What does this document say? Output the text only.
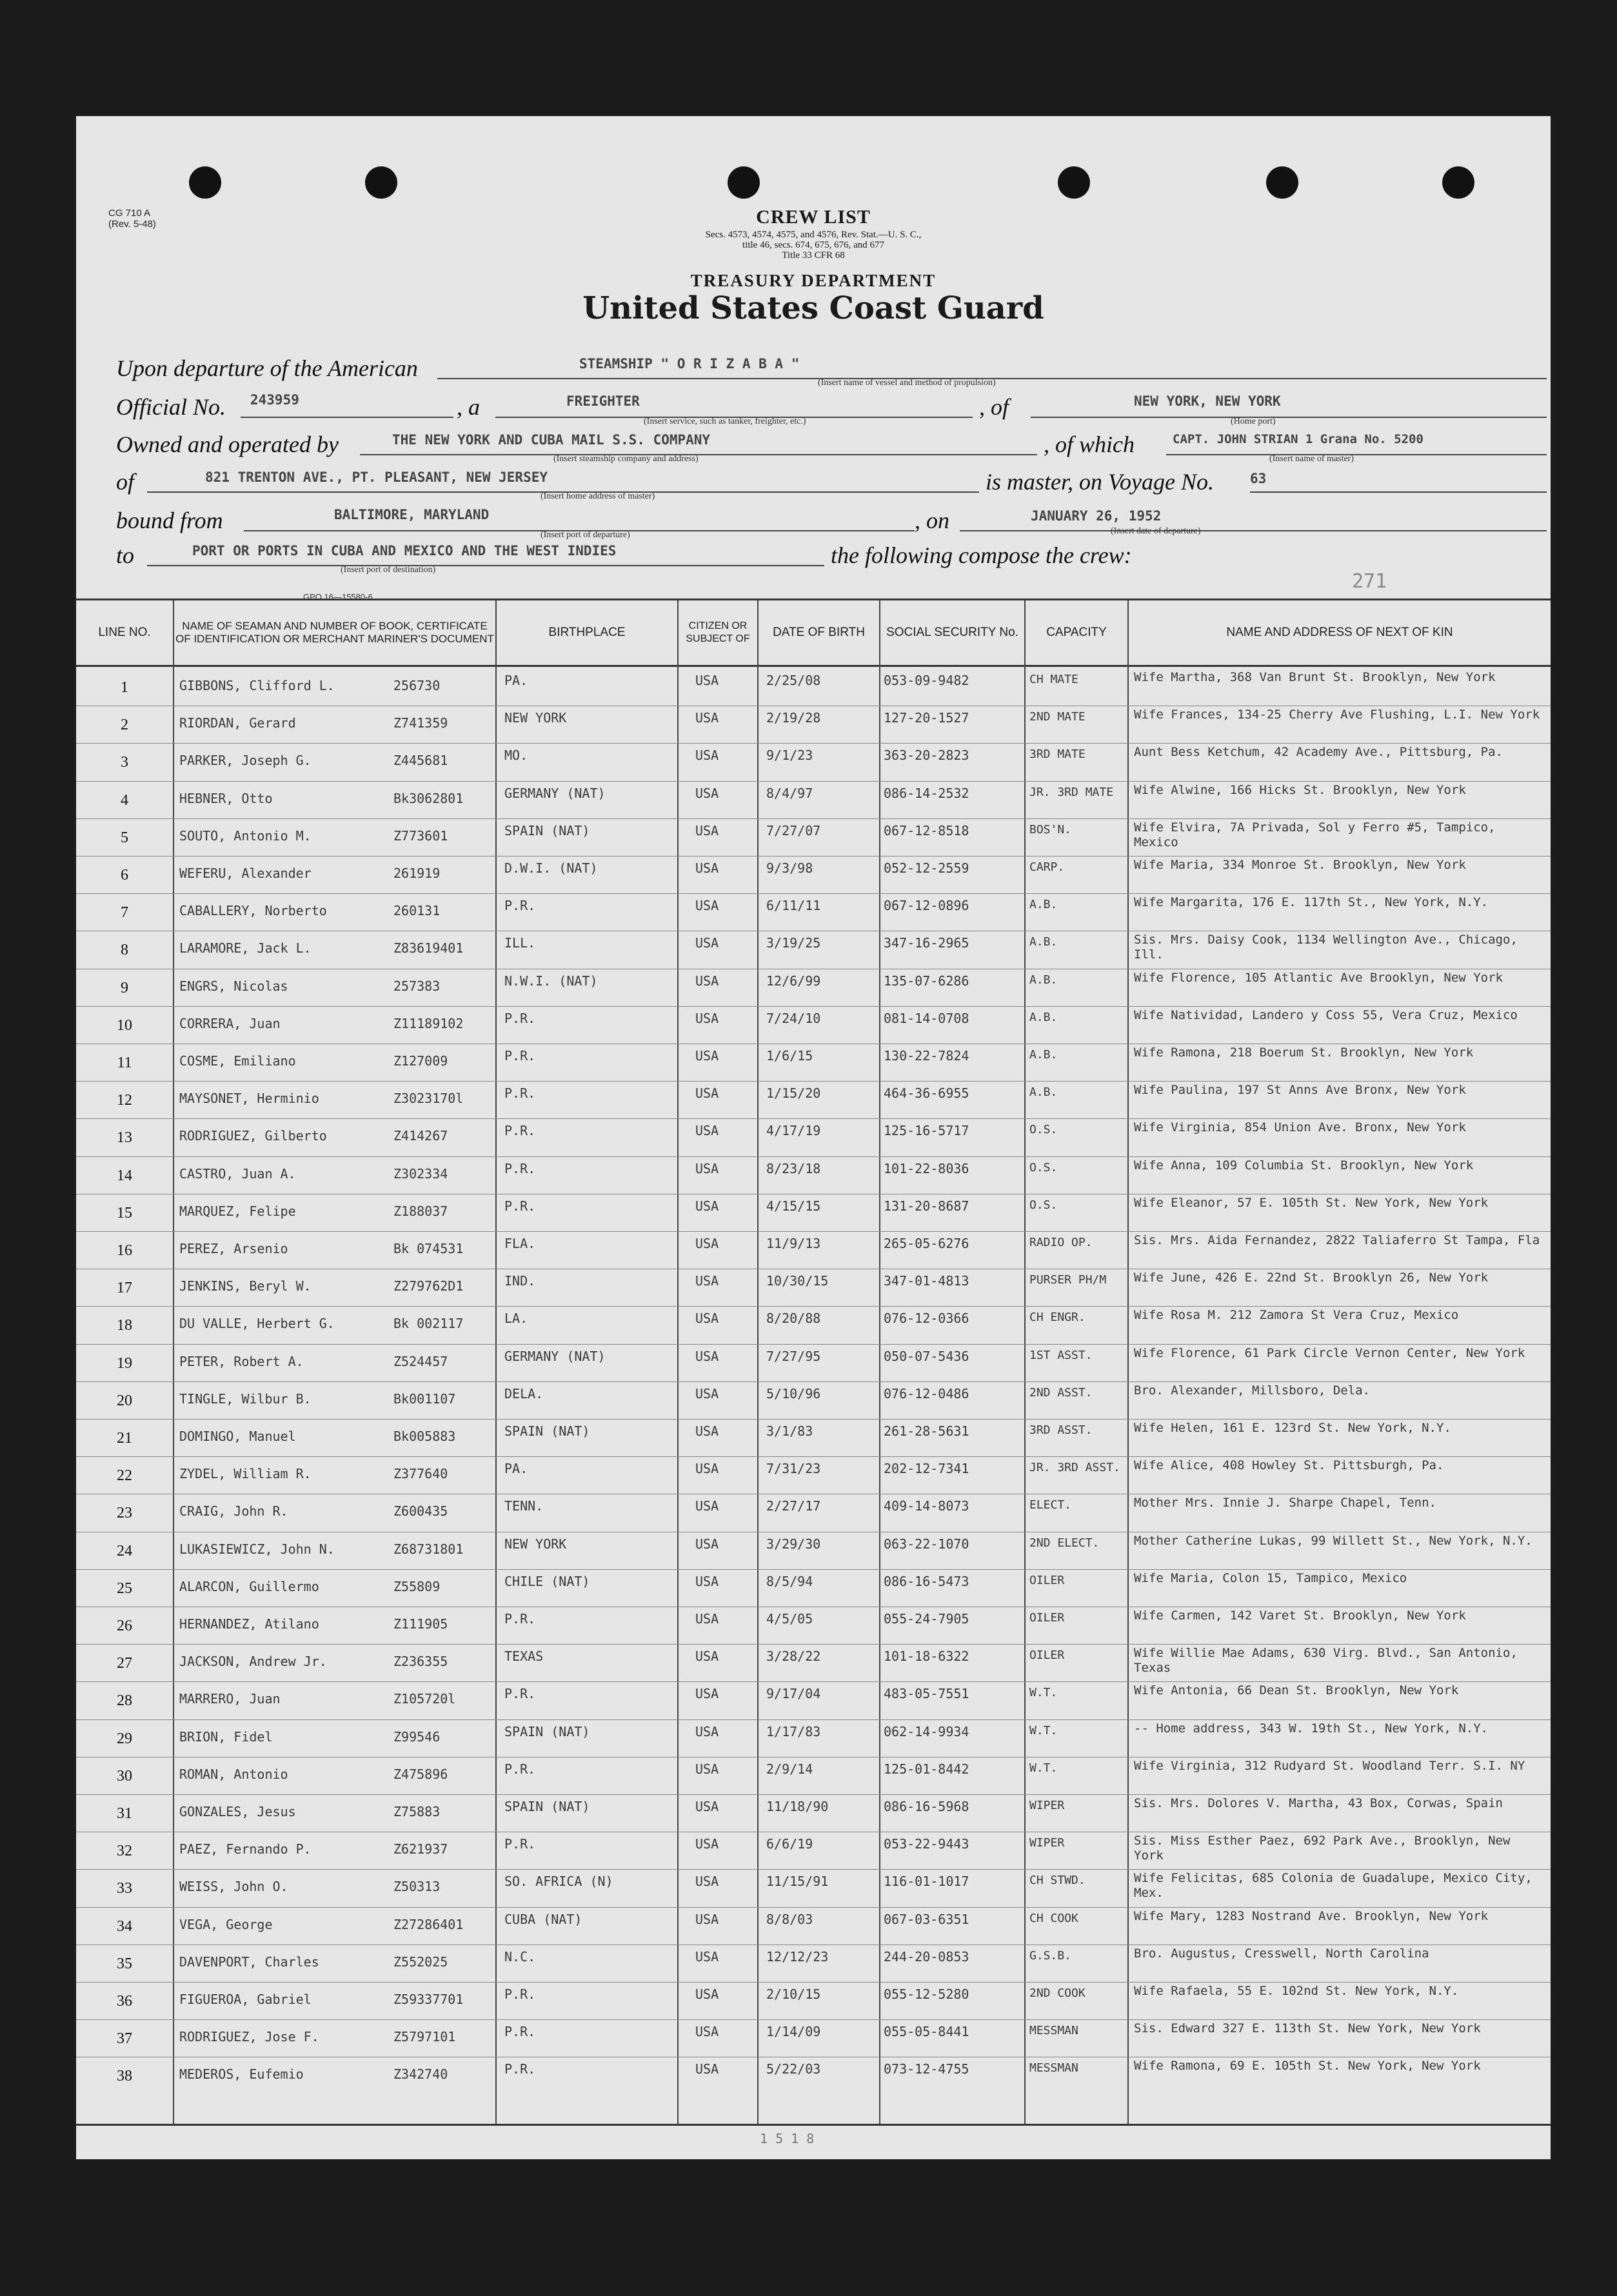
CG 710 A
(Rev. 5-48)	CREW LIST
Secs. 4573, 4574, 4575, and 4576, Rev. Stat.—U. S. C.,
title 46, secs. 674, 675, 676, and 677
Title 33 CFR 68
TREASURY DEPARTMENT
United States Coast Guard
Upon departure of the American	STEAMSHIP " O R I Z A B A "
(Insert name of vessel and method of propulsion)
Official No. 243959	, a	FREIGHTER
(Insert service, such as tanker, freighter, etc.)
, of	NEW YORK, NEW YORK
(Home port)
Owned and operated by	THE NEW YORK AND CUBA MAIL S.S. COMPANY
(Insert steamship company and address)
, of which	CAPT. JOHN STRIAN 1 Grana No. 5200
(Insert name of master)
of	821 TRENTON AVE., PT. PLEASANT, NEW JERSEY
(Insert home address of master)
is master, on Voyage No.	63
bound from	BALTIMORE, MARYLAND
(Insert port of departure)
, on	JANUARY 26, 1952
(Insert date of departure)
to	PORT OR PORTS IN CUBA AND MEXICO AND THE WEST INDIES
(Insert port of destination)
the following compose the crew:
271
GPO 16—15580-6
LINE NO.	NAME OF SEAMAN AND NUMBER OF BOOK, CERTIFICATE OF IDENTIFICATION OR MERCHANT MARINER'S DOCUMENT	BIRTHPLACE	CITIZEN OR SUBJECT OF	DATE OF BIRTH	SOCIAL SECURITY No.	CAPACITY	NAME AND ADDRESS OF NEXT OF KIN
1	GIBBONS, Clifford L.	256730	PA.	USA	2/25/08	053-09-9482	CH MATE	Wife Martha, 368 Van Brunt St. Brooklyn, New York
2	RIORDAN, Gerard	Z741359	NEW YORK	USA	2/19/28	127-20-1527	2ND MATE	Wife Frances, 134-25 Cherry Ave Flushing, L.I. New York
3	PARKER, Joseph G.	Z445681	MO.	USA	9/1/23	363-20-2823	3RD MATE	Aunt Bess Ketchum, 42 Academy Ave., Pittsburg, Pa.
4	HEBNER, Otto	Bk3062801	GERMANY (NAT)	USA	8/4/97	086-14-2532	JR. 3RD MATE	Wife Alwine, 166 Hicks St. Brooklyn, New York
5	SOUTO, Antonio M.	Z773601	SPAIN (NAT)	USA	7/27/07	067-12-8518	BOS'N.	Wife Elvira, 7A Privada, Sol y Ferro #5, Tampico, Mexico
6	WEFERU, Alexander	261919	D.W.I. (NAT)	USA	9/3/98	052-12-2559	CARP.	Wife Maria, 334 Monroe St. Brooklyn, New York
7	CABALLERY, Norberto	260131	P.R.	USA	6/11/11	067-12-0896	A.B.	Wife Margarita, 176 E. 117th St., New York, N.Y.
8	LARAMORE, Jack L.	Z83619401	ILL.	USA	3/19/25	347-16-2965	A.B.	Sis. Mrs. Daisy Cook, 1134 Wellington Ave., Chicago, Ill.
9	ENGRS, Nicolas	257383	N.W.I. (NAT)	USA	12/6/99	135-07-6286	A.B.	Wife Florence, 105 Atlantic Ave Brooklyn, New York
10	CORRERA, Juan	Z11189102	P.R.	USA	7/24/10	081-14-0708	A.B.	Wife Natividad, Landero y Coss 55, Vera Cruz, Mexico
11	COSME, Emiliano	Z127009	P.R.	USA	1/6/15	130-22-7824	A.B.	Wife Ramona, 218 Boerum St. Brooklyn, New York
12	MAYSONET, Herminio	Z3023170l	P.R.	USA	1/15/20	464-36-6955	A.B.	Wife Paulina, 197 St Anns Ave Bronx, New York
13	RODRIGUEZ, Gilberto	Z414267	P.R.	USA	4/17/19	125-16-5717	O.S.	Wife Virginia, 854 Union Ave. Bronx, New York
14	CASTRO, Juan A.	Z302334	P.R.	USA	8/23/18	101-22-8036	O.S.	Wife Anna, 109 Columbia St. Brooklyn, New York
15	MARQUEZ, Felipe	Z188037	P.R.	USA	4/15/15	131-20-8687	O.S.	Wife Eleanor, 57 E. 105th St. New York, New York
16	PEREZ, Arsenio	Bk 074531	FLA.	USA	11/9/13	265-05-6276	RADIO OP.	Sis. Mrs. Aida Fernandez, 2822 Taliaferro St Tampa, Fla
17	JENKINS, Beryl W.	Z279762D1	IND.	USA	10/30/15	347-01-4813	PURSER PH/M	Wife June, 426 E. 22nd St. Brooklyn 26, New York
18	DU VALLE, Herbert G.	Bk 002117	LA.	USA	8/20/88	076-12-0366	CH ENGR.	Wife Rosa M. 212 Zamora St Vera Cruz, Mexico
19	PETER, Robert A.	Z524457	GERMANY (NAT)	USA	7/27/95	050-07-5436	1ST ASST.	Wife Florence, 61 Park Circle Vernon Center, New York
20	TINGLE, Wilbur B.	Bk001107	DELA.	USA	5/10/96	076-12-0486	2ND ASST.	Bro. Alexander, Millsboro, Dela.
21	DOMINGO, Manuel	Bk005883	SPAIN (NAT)	USA	3/1/83	261-28-5631	3RD ASST.	Wife Helen, 161 E. 123rd St. New York, N.Y.
22	ZYDEL, William R.	Z377640	PA.	USA	7/31/23	202-12-7341	JR. 3RD ASST.	Wife Alice, 408 Howley St. Pittsburgh, Pa.
23	CRAIG, John R.	Z600435	TENN.	USA	2/27/17	409-14-8073	ELECT.	Mother Mrs. Innie J. Sharpe Chapel, Tenn.
24	LUKASIEWICZ, John N.	Z68731801	NEW YORK	USA	3/29/30	063-22-1070	2ND ELECT.	Mother Catherine Lukas, 99 Willett St., New York, N.Y.
25	ALARCON, Guillermo	Z55809	CHILE (NAT)	USA	8/5/94	086-16-5473	OILER	Wife Maria, Colon 15, Tampico, Mexico
26	HERNANDEZ, Atilano	Z111905	P.R.	USA	4/5/05	055-24-7905	OILER	Wife Carmen, 142 Varet St. Brooklyn, New York
27	JACKSON, Andrew Jr.	Z236355	TEXAS	USA	3/28/22	101-18-6322	OILER	Wife Willie Mae Adams, 630 Virg. Blvd., San Antonio, Texas
28	MARRERO, Juan	Z105720l	P.R.	USA	9/17/04	483-05-7551	W.T.	Wife Antonia, 66 Dean St. Brooklyn, New York
29	BRION, Fidel	Z99546	SPAIN (NAT)	USA	1/17/83	062-14-9934	W.T.	-- Home address, 343 W. 19th St., New York, N.Y.
30	ROMAN, Antonio	Z475896	P.R.	USA	2/9/14	125-01-8442	W.T.	Wife Virginia, 312 Rudyard St. Woodland Terr. S.I. NY
31	GONZALES, Jesus	Z75883	SPAIN (NAT)	USA	11/18/90	086-16-5968	WIPER	Sis. Mrs. Dolores V. Martha, 43 Box, Corwas, Spain
32	PAEZ, Fernando P.	Z621937	P.R.	USA	6/6/19	053-22-9443	WIPER	Sis. Miss Esther Paez, 692 Park Ave., Brooklyn, New York
33	WEISS, John O.	Z50313	SO. AFRICA (N)	USA	11/15/91	116-01-1017	CH STWD.	Wife Felicitas, 685 Colonia de Guadalupe, Mexico City, Mex.
34	VEGA, George	Z27286401	CUBA (NAT)	USA	8/8/03	067-03-6351	CH COOK	Wife Mary, 1283 Nostrand Ave. Brooklyn, New York
35	DAVENPORT, Charles	Z552025	N.C.	USA	12/12/23	244-20-0853	G.S.B.	Bro. Augustus, Cresswell, North Carolina
36	FIGUEROA, Gabriel	Z59337701	P.R.	USA	2/10/15	055-12-5280	2ND COOK	Wife Rafaela, 55 E. 102nd St. New York, N.Y.
37	RODRIGUEZ, Jose F.	Z5797101	P.R.	USA	1/14/09	055-05-8441	MESSMAN	Sis. Edward 327 E. 113th St. New York, New York
38	MEDEROS, Eufemio	Z342740	P.R.	USA	5/22/03	073-12-4755	MESSMAN	Wife Ramona, 69 E. 105th St. New York, New York
1 5 1 8
